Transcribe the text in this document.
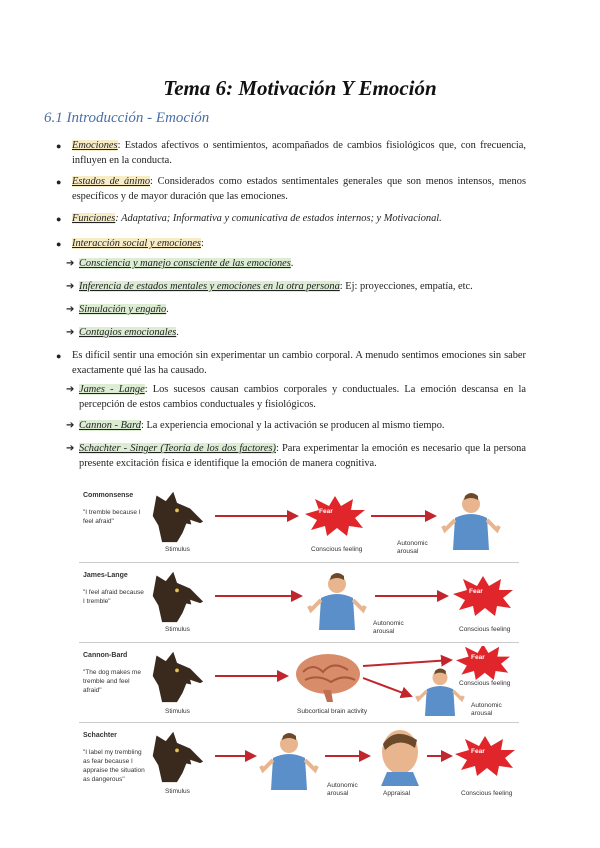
Tema 6: Motivación Y Emoción
6.1 Introducción - Emoción
● Emociones: Estados afectivos o sentimientos, acompañados de cambios fisiológicos que, con frecuencia, influyen en la conducta.
● Estados de ánimo: Considerados como estados sentimentales generales que son menos intensos, menos específicos y de mayor duración que las emociones.
● Funciones: Adaptativa; Informativa y comunicativa de estados internos; y Motivacional.
● Interacción social y emociones:
➔ Consciencia y manejo consciente de las emociones.
➔ Inferencia de estados mentales y emociones en la otra persona: Ej: proyecciones, empatía, etc.
➔ Simulación y engaño.
➔ Contagios emocionales.
● Es difícil sentir una emoción sin experimentar un cambio corporal. A menudo sentimos emociones sin saber exactamente qué las ha causado.
➔ James - Lange: Los sucesos causan cambios corporales y conductuales. La emoción descansa en la percepción de estos cambios conductuales y fisiológicos.
➔ Cannon - Bard: La experiencia emocional y la activación se producen al mismo tiempo.
➔ Schachter - Singer (Teoría de los dos factores): Para experimentar la emoción es necesario que la persona presente excitación física e identifique la emoción de manera cognitiva.
Commonsense
"I tremble because I feel afraid"
Fear
Stimulus	Conscious feeling
Autonomic arousal
James-Lange
"I feel afraid because I tremble"
Fear
Stimulus
Autonomic arousal	Conscious feeling
Cannon-Bard
"The dog makes me tremble and feel afraid"
Fear
Stimulus	Subcortical brain activity
Conscious feeling
Autonomic arousal
Schachter
"I label my trembling as fear because I appraise the situation as dangerous"
Fear
Stimulus
Autonomic arousal	Appraisal	Conscious feeling
